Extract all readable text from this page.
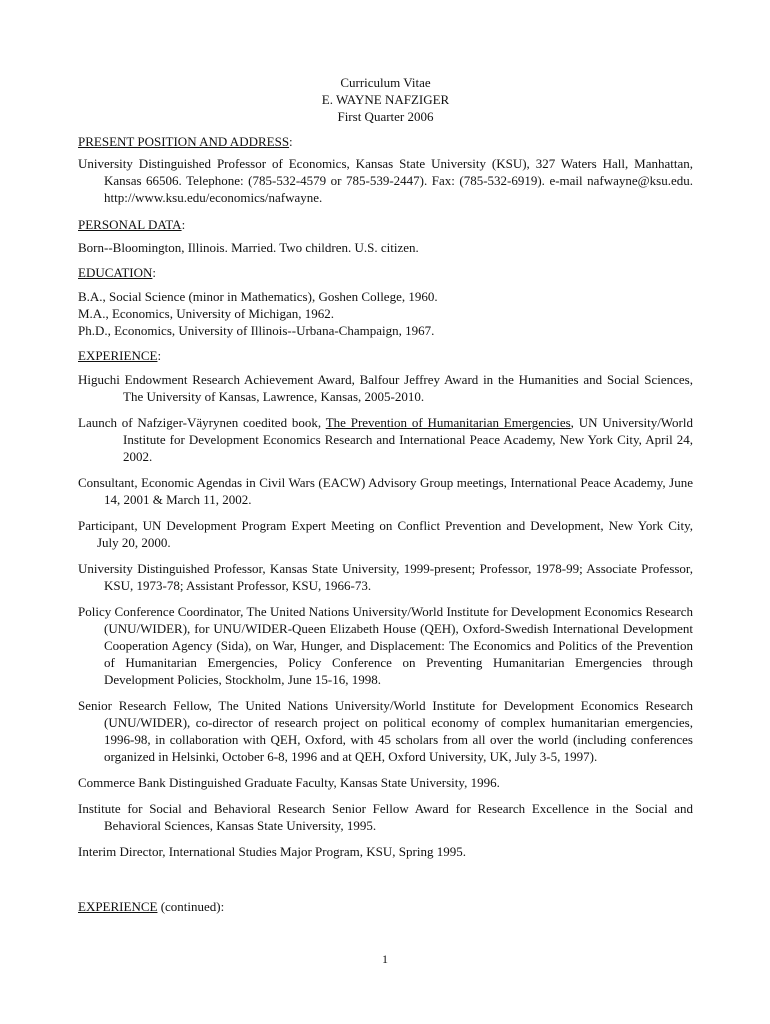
Curriculum Vitae
E. WAYNE NAFZIGER
First Quarter 2006
PRESENT POSITION AND ADDRESS:
University Distinguished Professor of Economics, Kansas State University (KSU), 327 Waters Hall, Manhattan, Kansas 66506. Telephone: (785-532-4579 or 785-539-2447). Fax: (785-532-6919). e-mail nafwayne@ksu.edu. http://www.ksu.edu/economics/nafwayne.
PERSONAL DATA:
Born--Bloomington, Illinois. Married. Two children. U.S. citizen.
EDUCATION:
B.A., Social Science (minor in Mathematics), Goshen College, 1960.
M.A., Economics, University of Michigan, 1962.
Ph.D., Economics, University of Illinois--Urbana-Champaign, 1967.
EXPERIENCE:
Higuchi Endowment Research Achievement Award, Balfour Jeffrey Award in the Humanities and Social Sciences, The University of Kansas, Lawrence, Kansas, 2005-2010.
Launch of Nafziger-Väyrynen coedited book, The Prevention of Humanitarian Emergencies, UN University/World Institute for Development Economics Research and International Peace Academy, New York City, April 24, 2002.
Consultant, Economic Agendas in Civil Wars (EACW) Advisory Group meetings, International Peace Academy, June 14, 2001 & March 11, 2002.
Participant, UN Development Program Expert Meeting on Conflict Prevention and Development, New York City, July 20, 2000.
University Distinguished Professor, Kansas State University, 1999-present; Professor, 1978-99; Associate Professor, KSU, 1973-78; Assistant Professor, KSU, 1966-73.
Policy Conference Coordinator, The United Nations University/World Institute for Development Economics Research (UNU/WIDER), for UNU/WIDER-Queen Elizabeth House (QEH), Oxford-Swedish International Development Cooperation Agency (Sida), on War, Hunger, and Displacement: The Economics and Politics of the Prevention of Humanitarian Emergencies, Policy Conference on Preventing Humanitarian Emergencies through Development Policies, Stockholm, June 15-16, 1998.
Senior Research Fellow, The United Nations University/World Institute for Development Economics Research (UNU/WIDER), co-director of research project on political economy of complex humanitarian emergencies, 1996-98, in collaboration with QEH, Oxford, with 45 scholars from all over the world (including conferences organized in Helsinki, October 6-8, 1996 and at QEH, Oxford University, UK, July 3-5, 1997).
Commerce Bank Distinguished Graduate Faculty, Kansas State University, 1996.
Institute for Social and Behavioral Research Senior Fellow Award for Research Excellence in the Social and Behavioral Sciences, Kansas State University, 1995.
Interim Director, International Studies Major Program, KSU, Spring 1995.
EXPERIENCE (continued):
1
